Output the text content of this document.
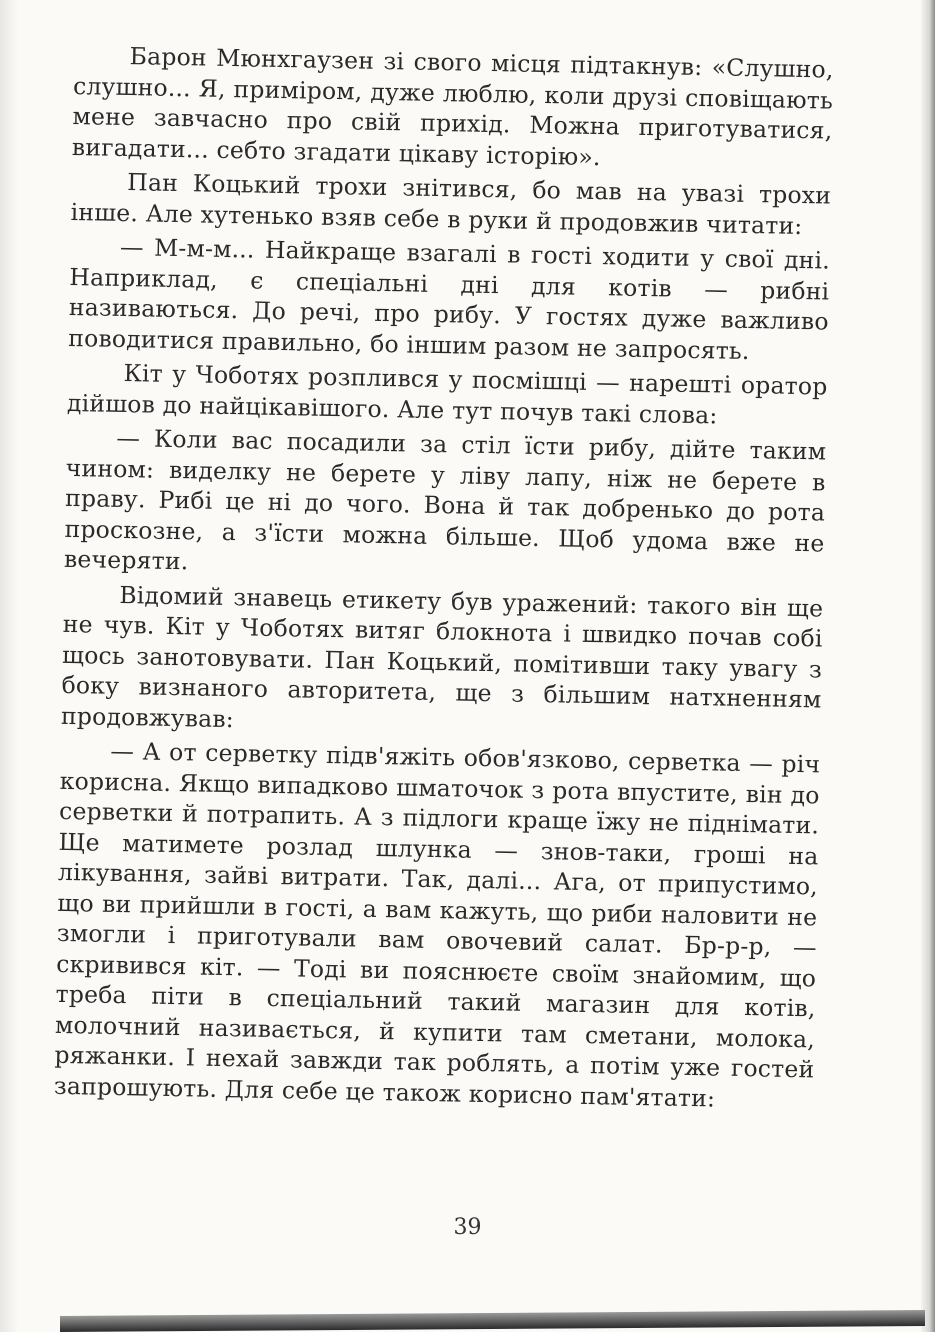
Барон Мюнхгаузен зі свого місця підтакнув: «Слушно, слушно... Я, приміром, дуже люблю, коли друзі сповіщають мене завчасно про свій прихід. Можна приготуватися, вигадати... себто згадати цікаву історію».

Пан Коцький трохи знітився, бо мав на увазі трохи інше. Але хутенько взяв себе в руки й продовжив читати:

— М-м-м... Найкраще взагалі в гості ходити у свої дні. Наприклад, є спеціальні дні для котів — рибні називаються. До речі, про рибу. У гостях дуже важливо поводитися правильно, бо іншим разом не запросять.

Кіт у Чоботях розплився у посмішці — нарешті оратор дійшов до найцікавішого. Але тут почув такі слова:

— Коли вас посадили за стіл їсти рибу, дійте таким чином: виделку не берете у ліву лапу, ніж не берете в праву. Рибі це ні до чого. Вона й так добренько до рота проскознe, а з'їсти можна більше. Щоб удома вже не вечеряти.

Відомий знавець етикету був уражений: такого він ще не чув. Кіт у Чоботях витяг блокнота і швидко почав собі щось занотовувати. Пан Коцький, помітивши таку увагу з боку визнаного авторитета, ще з більшим натхненням продовжував:

— А от серветку підв'яжіть обов'язково, серветка — річ корисна. Якщо випадково шматочок з рота впустите, він до серветки й потрапить. А з підлоги краще їжу не піднімати. Ще матимете розлад шлунка — знов-таки, гроші на лікування, зайві витрати. Так, далі... Ага, от припустимо, що ви прийшли в гості, а вам кажуть, що риби наловити не змогли і приготували вам овочевий салат. Бр-р-р, — скривився кіт. — Тоді ви пояснюєте своїм знайомим, що треба піти в спеціальний такий магазин для котів, молочний називається, й купити там сметани, молока, ряжанки. І нехай завжди так роблять, а потім уже гостей запрошують. Для себе це також корисно пам'ятати:

39
